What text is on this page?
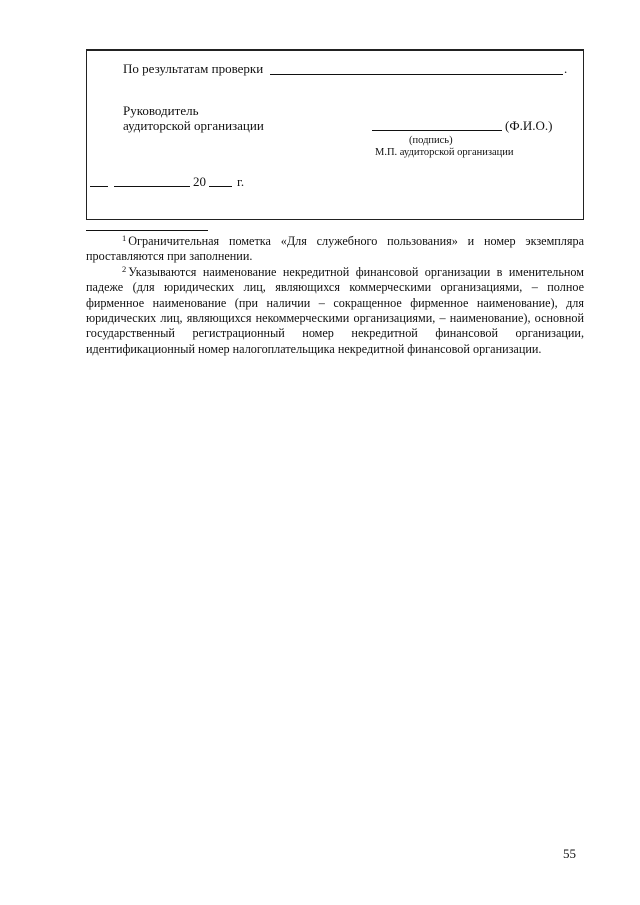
По результатам проверки	.
Руководитель
аудиторской организации	(Ф.И.О.)
(подпись)
М.П. аудиторской организации
20 г.

$^1$ Ограничительная пометка «Для служебного пользования» и номер экземпляра проставляются при заполнении.

$^2$ Указываются наименование некредитной финансовой организации в именительном падеже (для юридических лиц, являющихся коммерческими организациями, – полное фирменное наименование (при наличии – сокращенное фирменное наименование), для юридических лиц, являющихся некоммерческими организациями, – наименование), основной государственный регистрационный номер некредитной финансовой организации, идентификационный номер налогоплательщика некредитной финансовой организации.

55
